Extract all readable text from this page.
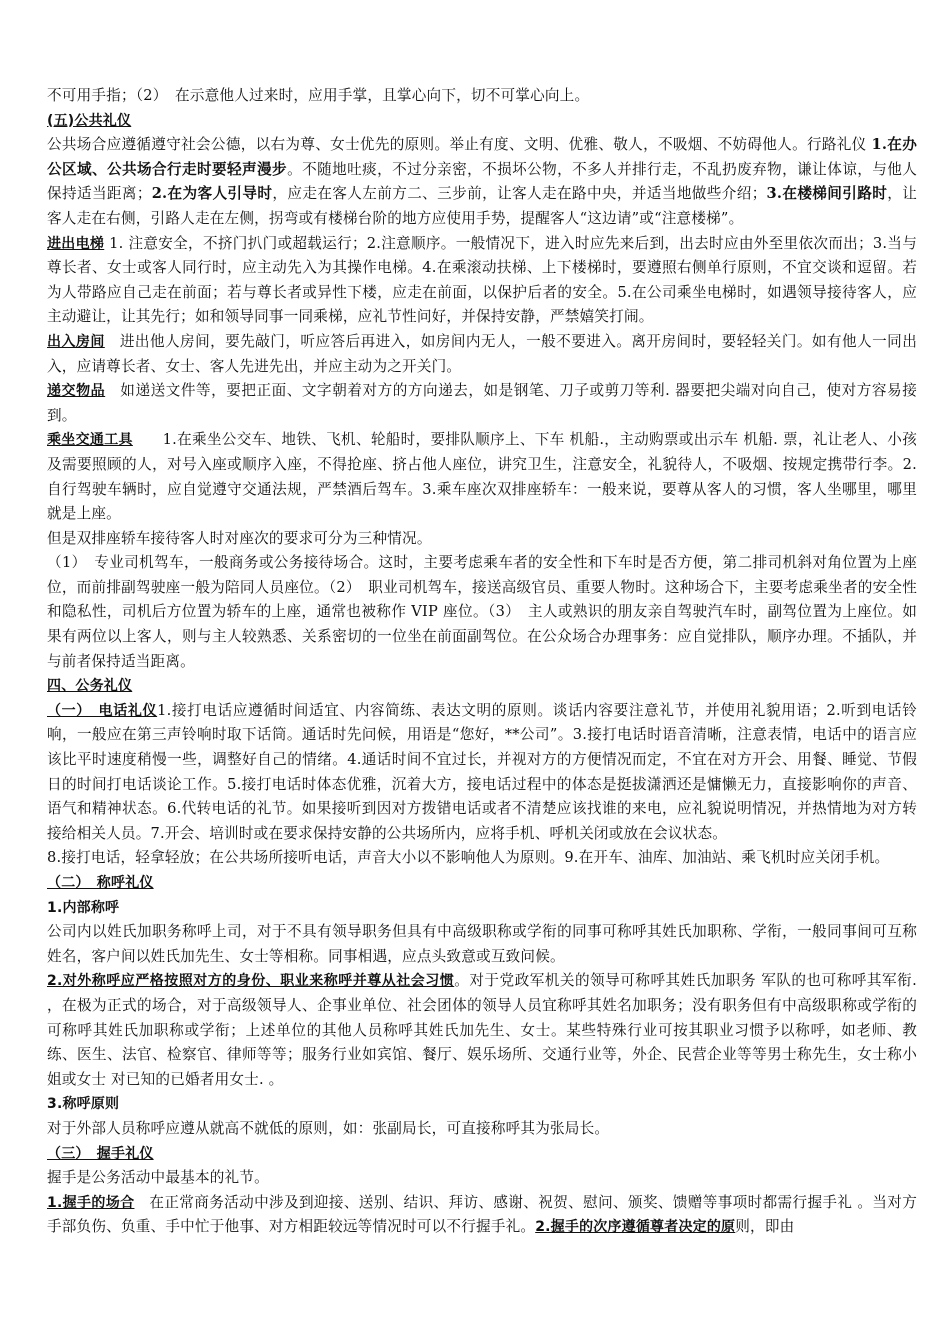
不可用手指；（2）　在示意他人过来时，应用手掌，且掌心向下，切不可掌心向上。

(五)公共礼仪

公共场合应遵循遵守社会公德，以右为尊、女士优先的原则。举止有度、文明、优雅、敬人，不吸烟、不妨碍他人。行路礼仪 1.在办公区域、公共场合行走时要轻声漫步。不随地吐痰，不过分亲密，不损坏公物，不多人并排行走，不乱扔废弃物，谦让体谅，与他人保持适当距离；2.在为客人引导时，应走在客人左前方二、三步前，让客人走在路中央，并适当地做些介绍；3.在楼梯间引路时，让客人走在右侧，引路人走在左侧，拐弯或有楼梯台阶的地方应使用手势，提醒客人“这边请”或“注意楼梯”。

进出电梯 1. 注意安全，不挤门扒门或超载运行；2.注意顺序。一般情况下，进入时应先来后到，出去时应由外至里依次而出；3.当与尊长者、女士或客人同行时，应主动先入为其操作电梯。4.在乘滚动扶梯、上下楼梯时，要遵照右侧单行原则，不宜交谈和逗留。若为人带路应自己走在前面；若与尊长者或异性下楼，应走在前面，以保护后者的安全。5.在公司乘坐电梯时，如遇领导接待客人，应主动避让，让其先行；如和领导同事一同乘梯，应礼节性问好，并保持安静，严禁嬉笑打闹。

出入房间　进出他人房间，要先敲门，听应答后再进入，如房间内无人，一般不要进入。离开房间时，要轻轻关门。如有他人一同出入，应请尊长者、女士、客人先进先出，并应主动为之开关门。

递交物品　如递送文件等，要把正面、文字朝着对方的方向递去，如是钢笔、刀子或剪刀等利. 器要把尖端对向自己，使对方容易接到。

乘坐交通工具　　1.在乘坐公交车、地铁、飞机、轮船时，要排队顺序上、下车 机船.，主动购票或出示车 机船. 票，礼让老人、小孩及需要照顾的人，对号入座或顺序入座，不得抢座、挤占他人座位，讲究卫生，注意安全，礼貌待人，不吸烟、按规定携带行李。2.自行驾驶车辆时，应自觉遵守交通法规，严禁酒后驾车。3.乘车座次双排座轿车：一般来说，要尊从客人的习惯，客人坐哪里，哪里就是上座。

但是双排座轿车接待客人时对座次的要求可分为三种情况。

（1）　专业司机驾车，一般商务或公务接待场合。这时，主要考虑乘车者的安全性和下车时是否方便，第二排司机斜对角位置为上座位，而前排副驾驶座一般为陪同人员座位。（2）　职业司机驾车，接送高级官员、重要人物时。这种场合下，主要考虑乘坐者的安全性和隐私性，司机后方位置为轿车的上座，通常也被称作 VIP 座位。（3）　主人或熟识的朋友亲自驾驶汽车时，副驾位置为上座位。如果有两位以上客人，则与主人较熟悉、关系密切的一位坐在前面副驾位。在公众场合办理事务：应自觉排队，顺序办理。不插队，并与前者保持适当距离。

四、公务礼仪

（一）　电话礼仪1.接打电话应遵循时间适宜、内容简练、表达文明的原则。谈话内容要注意礼节，并使用礼貌用语；2.听到电话铃响，一般应在第三声铃响时取下话筒。通话时先问候，用语是“您好，**公司”。3.接打电话时语音清晰，注意表情，电话中的语言应该比平时速度稍慢一些，调整好自己的情绪。4.通话时间不宜过长，并视对方的方便情况而定，不宜在对方开会、用餐、睡觉、节假日的时间打电话谈论工作。5.接打电话时体态优雅，沉着大方，接电话过程中的体态是挺拔潇洒还是慵懒无力，直接影响你的声音、语气和精神状态。6.代转电话的礼节。如果接听到因对方拨错电话或者不清楚应该找谁的来电，应礼貌说明情况，并热情地为对方转接给相关人员。7.开会、培训时或在要求保持安静的公共场所内，应将手机、呼机关闭或放在会议状态。

8.接打电话，轻拿轻放；在公共场所接听电话，声音大小以不影响他人为原则。9.在开车、油库、加油站、乘飞机时应关闭手机。

（二）　称呼礼仪

1.内部称呼

公司内以姓氏加职务称呼上司，对于不具有领导职务但具有中高级职称或学衔的同事可称呼其姓氏加职称、学衔，一般同事间可互称姓名，客户间以姓氏加先生、女士等相称。同事相遇，应点头致意或互致问候。

2.对外称呼应严格按照对方的身份、职业来称呼并尊从社会习惯。对于党政军机关的领导可称呼其姓氏加职务 军队的也可称呼其军衔. ，在极为正式的场合，对于高级领导人、企事业单位、社会团体的领导人员宜称呼其姓名加职务；没有职务但有中高级职称或学衔的可称呼其姓氏加职称或学衔；上述单位的其他人员称呼其姓氏加先生、女士。某些特殊行业可按其职业习惯予以称呼，如老师、教练、医生、法官、检察官、律师等等；服务行业如宾馆、餐厅、娱乐场所、交通行业等，外企、民营企业等等男士称先生，女士称小姐或女士 对已知的已婚者用女士. 。

3.称呼原则

对于外部人员称呼应遵从就高不就低的原则，如：张副局长，可直接称呼其为张局长。

（三）　握手礼仪

握手是公务活动中最基本的礼节。

1.握手的场合　在正常商务活动中涉及到迎接、送别、结识、拜访、感谢、祝贺、慰问、颁奖、馈赠等事项时都需行握手礼 。当对方手部负伤、负重、手中忙于他事、对方相距较远等情况时可以不行握手礼。2.握手的次序遵循尊者决定的原则，即由
